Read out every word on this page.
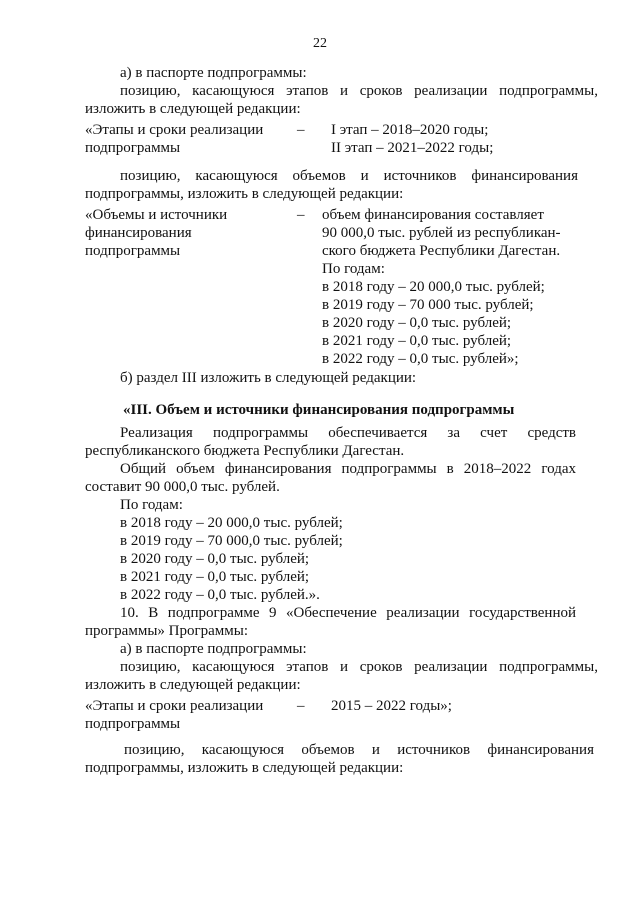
22
а) в паспорте подпрограммы:
позицию, касающуюся этапов и сроков реализации подпрограммы,
изложить в следующей редакции:
«Этапы и сроки реализации
подпрограммы
– I этап – 2018–2020 годы;
II этап – 2021–2022 годы;
позицию, касающуюся объемов и источников финансирования
подпрограммы, изложить в следующей редакции:
«Объемы и источники
финансирования
подпрограммы
– объем финансирования составляет
90 000,0 тыс. рублей из республикан-
ского бюджета Республики Дагестан.
По годам:
в 2018 году – 20 000,0 тыс. рублей;
в 2019 году – 70 000 тыс. рублей;
в 2020 году – 0,0 тыс. рублей;
в 2021 году – 0,0 тыс. рублей;
в 2022 году – 0,0 тыс. рублей»;
б) раздел III изложить в следующей редакции:
«III. Объем и источники финансирования подпрограммы
Реализация подпрограммы обеспечивается за счет средств
республиканского бюджета Республики Дагестан.
Общий объем финансирования подпрограммы в 2018–2022 годах
составит 90 000,0 тыс. рублей.
По годам:
в 2018 году – 20 000,0 тыс. рублей;
в 2019 году – 70 000,0 тыс. рублей;
в 2020 году – 0,0 тыс. рублей;
в 2021 году – 0,0 тыс. рублей;
в 2022 году – 0,0 тыс. рублей.».
10. В подпрограмме 9 «Обеспечение реализации государственной
программы» Программы:
а) в паспорте подпрограммы:
позицию, касающуюся этапов и сроков реализации подпрограммы,
изложить в следующей редакции:
«Этапы и сроки реализации
подпрограммы
– 2015 – 2022 годы»;
позицию, касающуюся объемов и источников финансирования
подпрограммы, изложить в следующей редакции:
